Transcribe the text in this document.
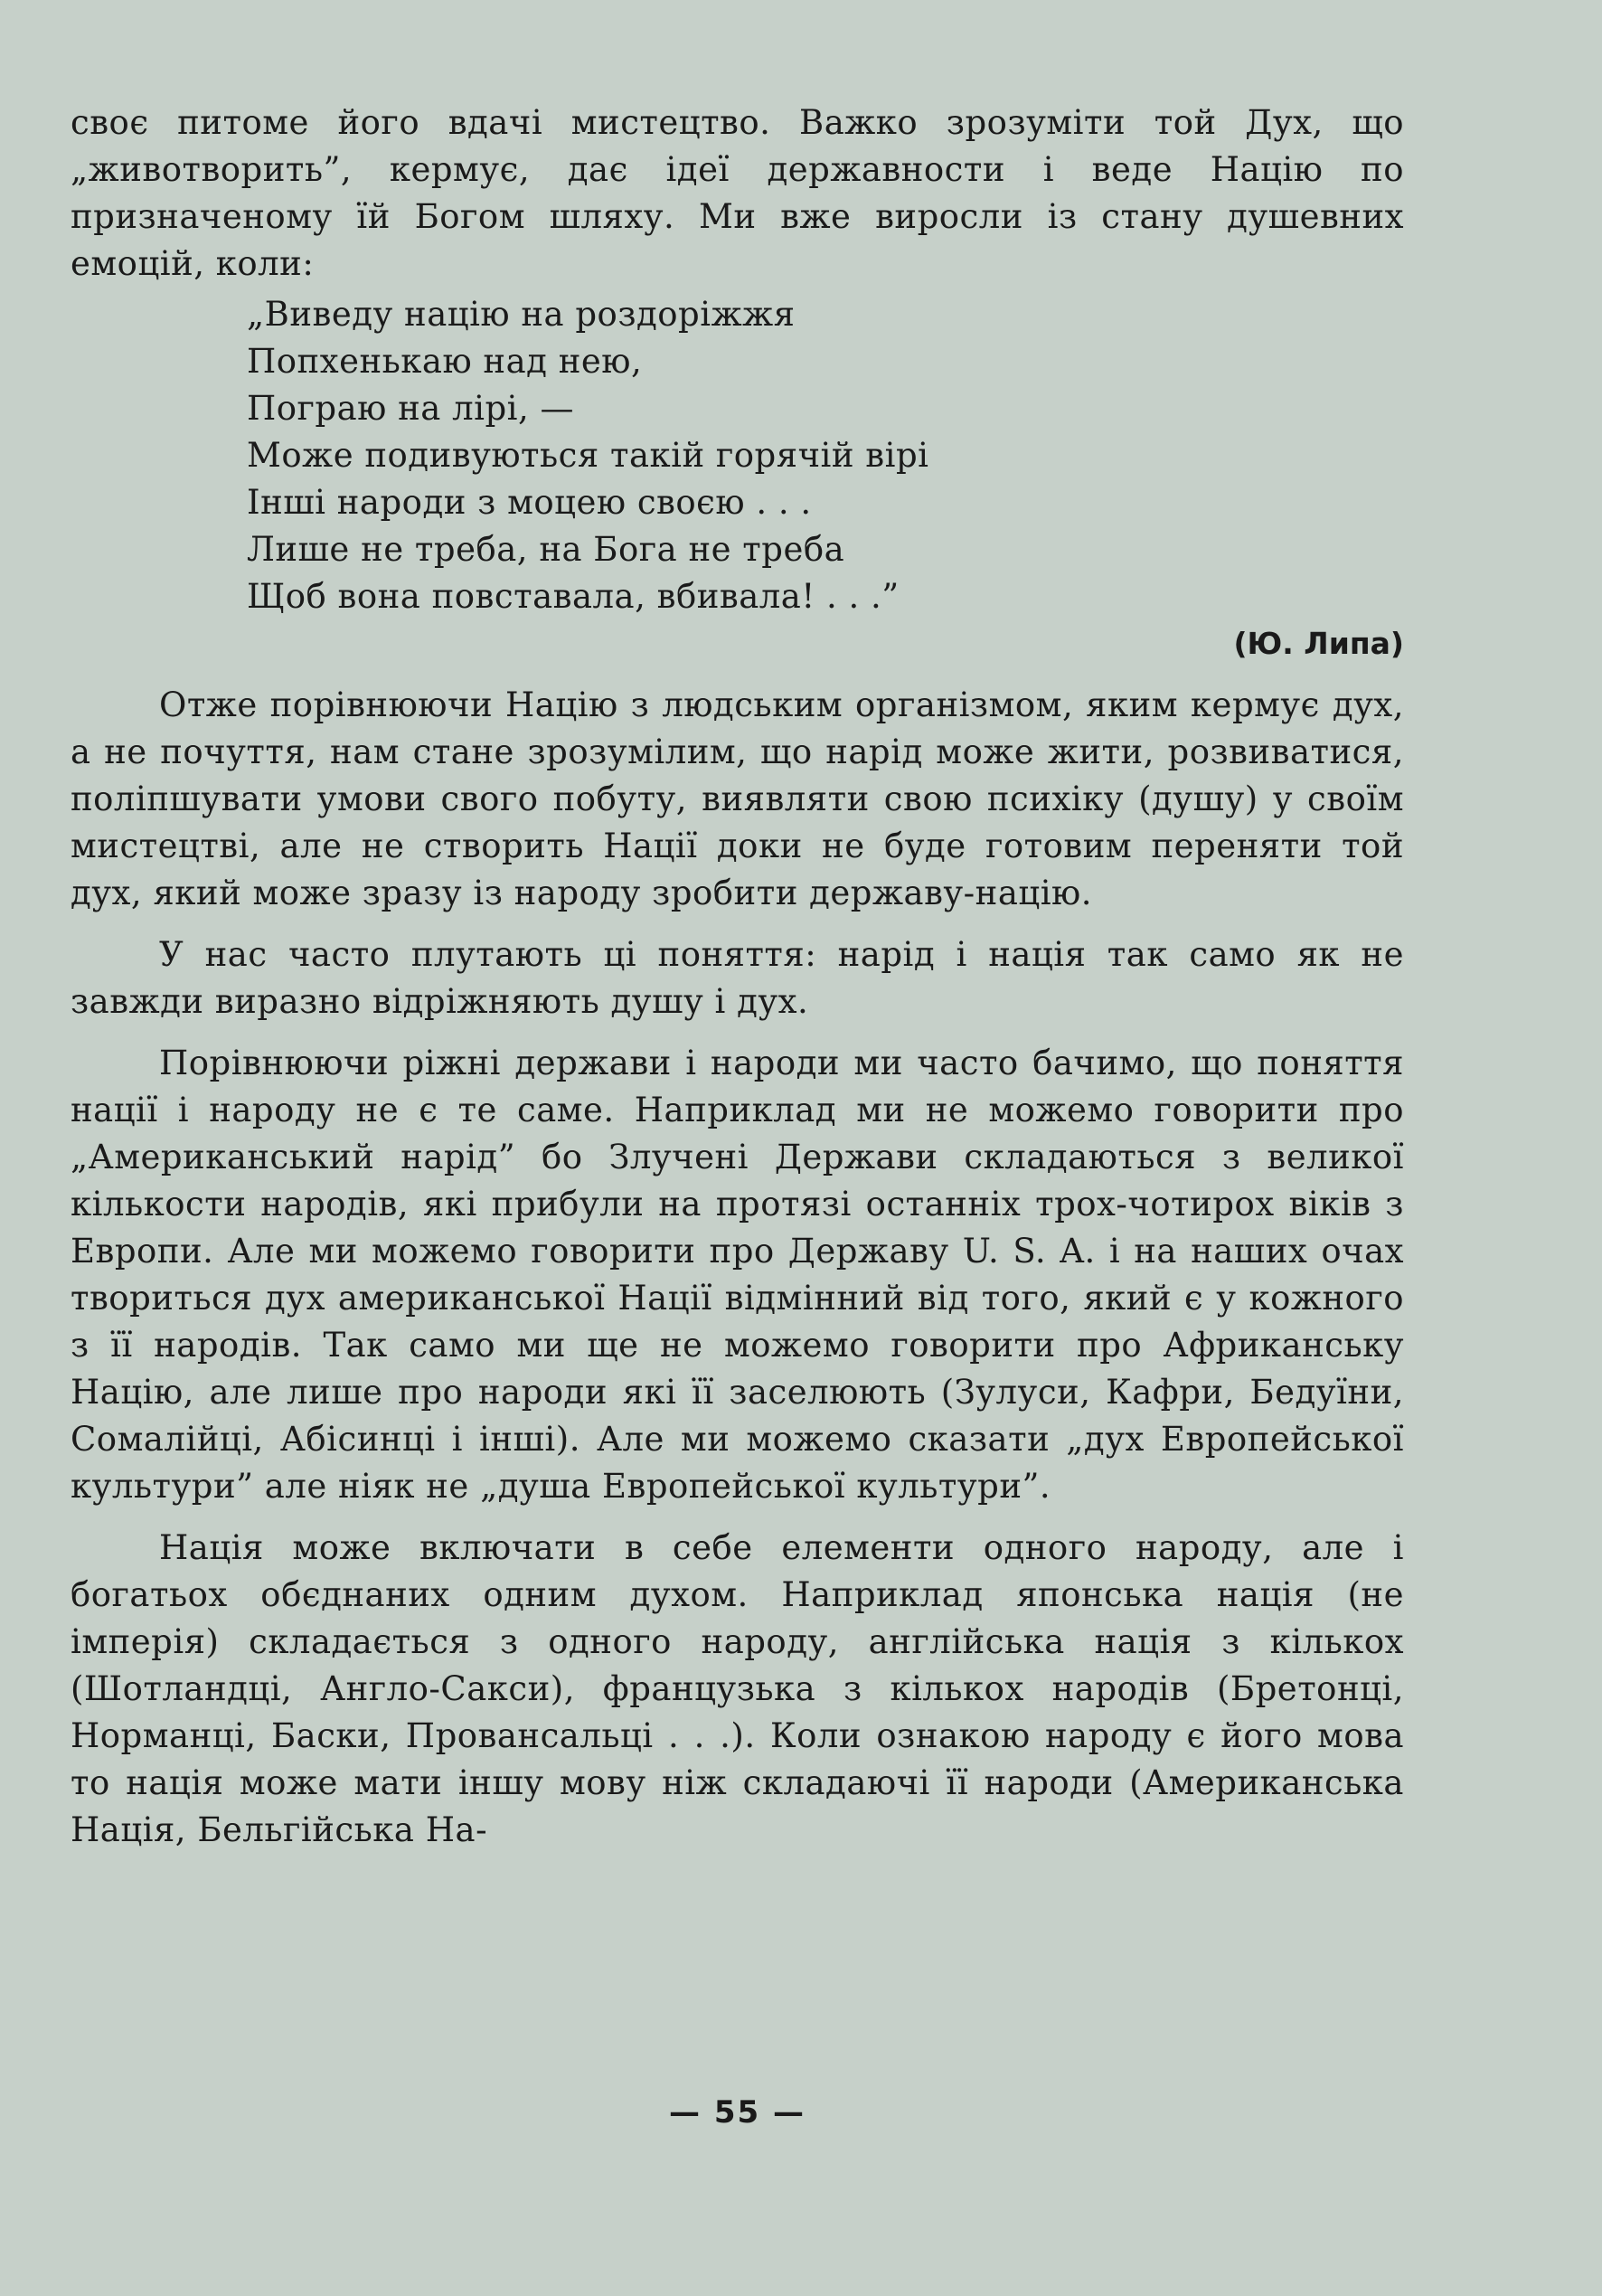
своє питоме його вдачі мистецтво. Важко зрозуміти той Дух, що „животворить”, кермує, дає ідеї державности і веде Націю по призначеному їй Богом шляху. Ми вже виросли із стану душевних емоцій, коли:

„Виведу націю на роздоріжжя
Попхенькаю над нею,
Пограю на лірі, —
Може подивуються такій горячій вірі
Інші народи з моцею своєю . . .
Лише не треба, на Бога не треба
Щоб вона повставала, вбивала! . . .”

(Ю. Липа)

Отже порівнюючи Націю з людським організмом, яким кермує дух, а не почуття, нам стане зрозумілим, що нарід може жити, розвиватися, поліпшувати умови свого побуту, виявляти свою психіку (душу) у своїм мистецтві, але не створить Нації доки не буде готовим переняти той дух, який може зразу із народу зробити державу-націю.

У нас часто плутають ці поняття: нарід і нація так само як не завжди виразно відріжняють душу і дух.

Порівнюючи ріжні держави і народи ми часто бачимо, що поняття нації і народу не є те саме. Наприклад ми не можемо говорити про „Американський нарід” бо Злучені Держави складаються з великої кількости народів, які прибули на протязі останніх трох-чотирох віків з Европи. Але ми можемо говорити про Державу U. S. A. і на наших очах твориться дух американської Нації відмінний від того, який є у кожного з її народів. Так само ми ще не можемо говорити про Африканську Націю, але лише про народи які її заселюють (Зулуси, Кафри, Бедуїни, Сомалійці, Абісинці і інші). Але ми можемо сказати „дух Европейської культури” але ніяк не „душа Европейської культури”.

Нація може включати в себе елементи одного народу, але і богатьох обєднаних одним духом. Наприклад японська нація (не імперія) складається з одного народу, англійська нація з кількох (Шотландці, Англо-Сакси), французька з кількох народів (Бретонці, Норманці, Баски, Провансальці . . .). Коли ознакою народу є його мова то нація може мати іншу мову ніж складаючі її народи (Американська Нація, Бельгійська На-

— 55 —
